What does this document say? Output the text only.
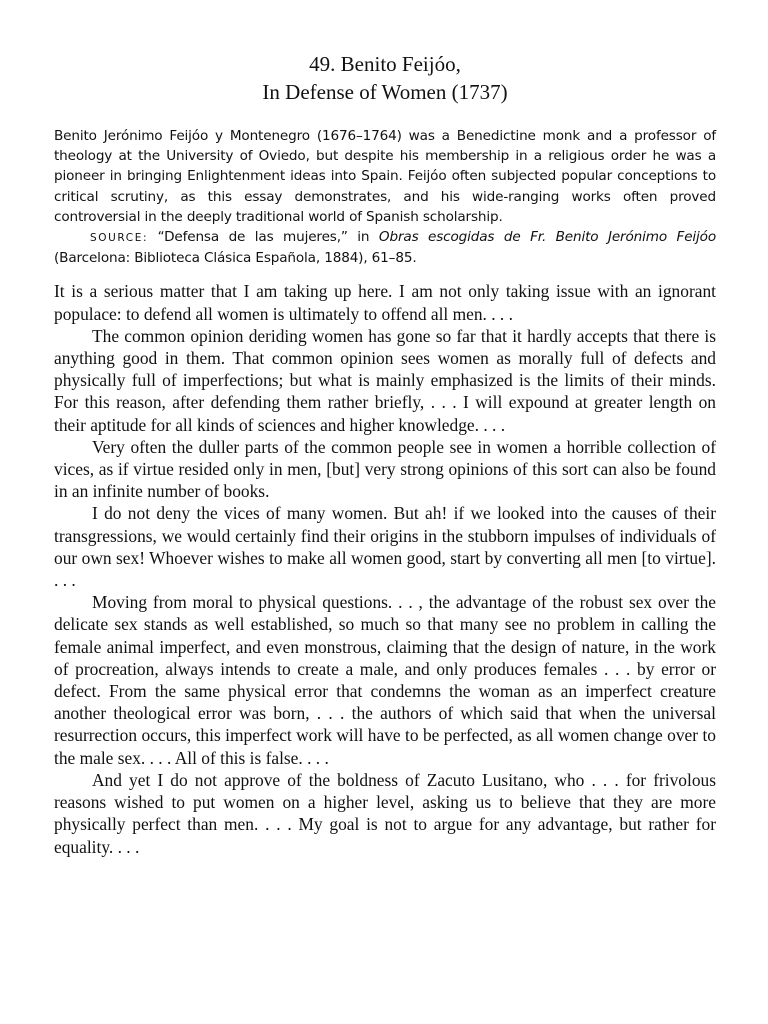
49. Benito Feijóo,
In Defense of Women (1737)

Benito Jerónimo Feijóo y Montenegro (1676–1764) was a Benedictine monk and a professor of theology at the University of Oviedo, but despite his membership in a religious order he was a pioneer in bringing Enlightenment ideas into Spain. Feijóo often subjected popular conceptions to critical scrutiny, as this essay demonstrates, and his wide-ranging works often proved controversial in the deeply traditional world of Spanish scholarship.

SOURCE: “Defensa de las mujeres,” in Obras escogidas de Fr. Benito Jerónimo Feijóo (Barcelona: Biblioteca Clásica Española, 1884), 61–85.

It is a serious matter that I am taking up here. I am not only taking issue with an ignorant populace: to defend all women is ultimately to offend all men. . . .

The common opinion deriding women has gone so far that it hardly accepts that there is anything good in them. That common opinion sees women as morally full of defects and physically full of imperfections; but what is mainly emphasized is the limits of their minds. For this reason, after defending them rather briefly, . . . I will expound at greater length on their aptitude for all kinds of sciences and higher knowledge. . . .

Very often the duller parts of the common people see in women a horrible collection of vices, as if virtue resided only in men, [but] very strong opinions of this sort can also be found in an infinite number of books.

I do not deny the vices of many women. But ah! if we looked into the causes of their transgressions, we would certainly find their origins in the stubborn impulses of individuals of our own sex! Whoever wishes to make all women good, start by converting all men [to virtue]. . . .

Moving from moral to physical questions. . . , the advantage of the robust sex over the delicate sex stands as well established, so much so that many see no problem in calling the female animal imperfect, and even monstrous, claiming that the design of nature, in the work of procreation, always intends to create a male, and only produces females . . . by error or defect. From the same physical error that condemns the woman as an imperfect creature another theological error was born, . . . the authors of which said that when the universal resurrection occurs, this imperfect work will have to be perfected, as all women change over to the male sex. . . . All of this is false. . . .

And yet I do not approve of the boldness of Zacuto Lusitano, who . . . for frivolous reasons wished to put women on a higher level, asking us to believe that they are more physically perfect than men. . . . My goal is not to argue for any advantage, but rather for equality. . . .
